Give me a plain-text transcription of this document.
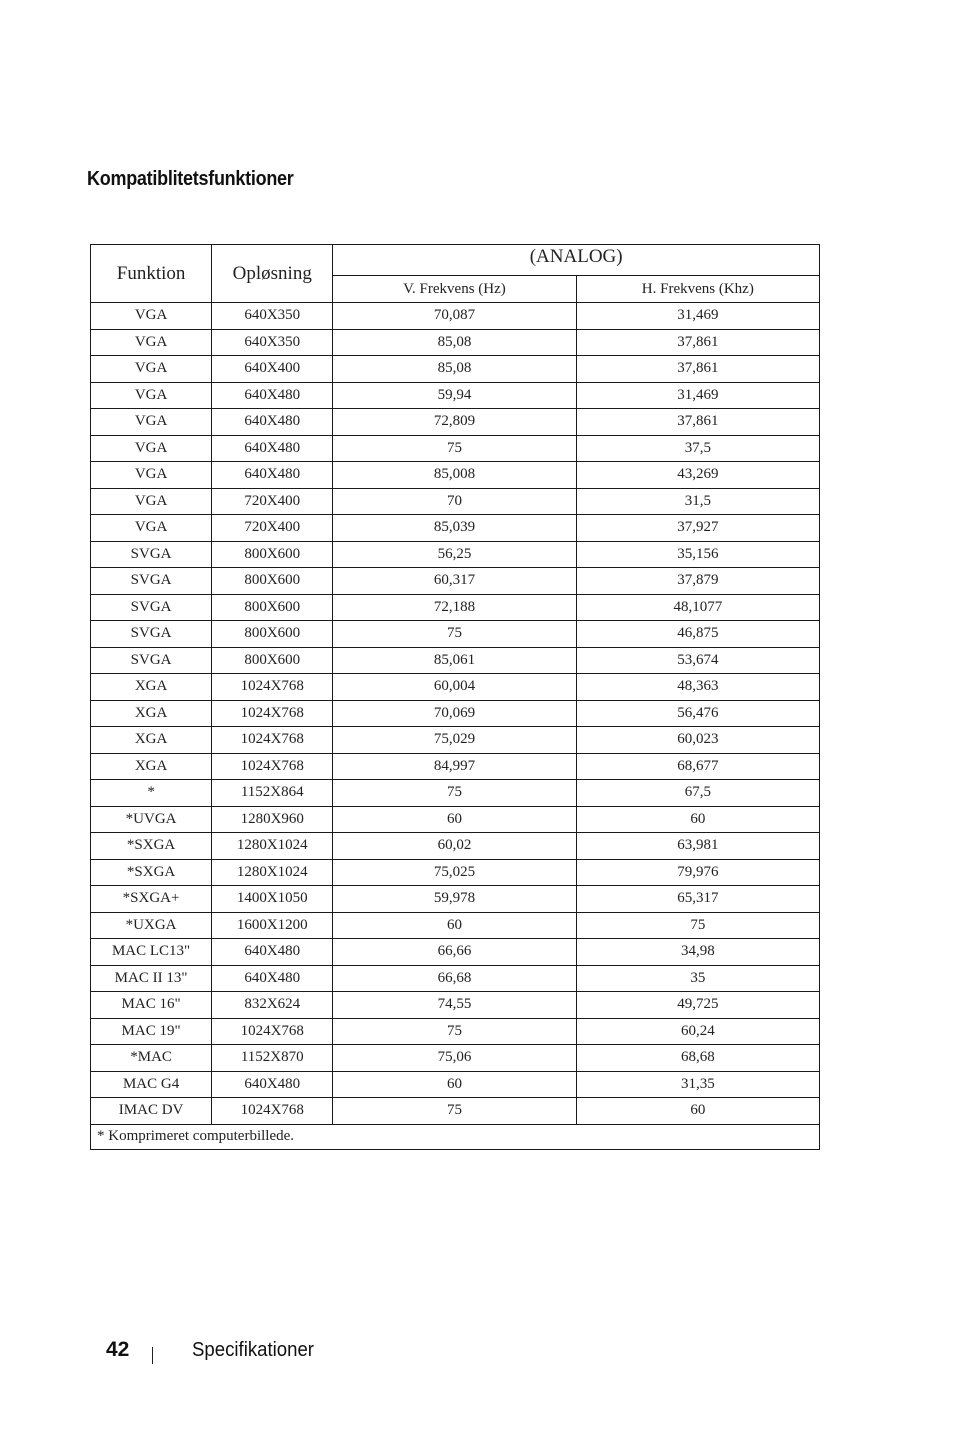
Kompatiblitetsfunktioner
Funktion	Opløsning	(ANALOG)	
		V. Frekvens (Hz)	H. Frekvens (Khz)
VGA	640X350	70,087	31,469
VGA	640X350	85,08	37,861
VGA	640X400	85,08	37,861
VGA	640X480	59,94	31,469
VGA	640X480	72,809	37,861
VGA	640X480	75	37,5
VGA	640X480	85,008	43,269
VGA	720X400	70	31,5
VGA	720X400	85,039	37,927
SVGA	800X600	56,25	35,156
SVGA	800X600	60,317	37,879
SVGA	800X600	72,188	48,1077
SVGA	800X600	75	46,875
SVGA	800X600	85,061	53,674
XGA	1024X768	60,004	48,363
XGA	1024X768	70,069	56,476
XGA	1024X768	75,029	60,023
XGA	1024X768	84,997	68,677
*	1152X864	75	67,5
*UVGA	1280X960	60	60
*SXGA	1280X1024	60,02	63,981
*SXGA	1280X1024	75,025	79,976
*SXGA+	1400X1050	59,978	65,317
*UXGA	1600X1200	60	75
MAC LC13"	640X480	66,66	34,98
MAC II 13"	640X480	66,68	35
MAC 16"	832X624	74,55	49,725
MAC 19"	1024X768	75	60,24
*MAC	1152X870	75,06	68,68
MAC G4	640X480	60	31,35
IMAC DV	1024X768	75	60
* Komprimeret computerbillede.			
42	Specifikationer
